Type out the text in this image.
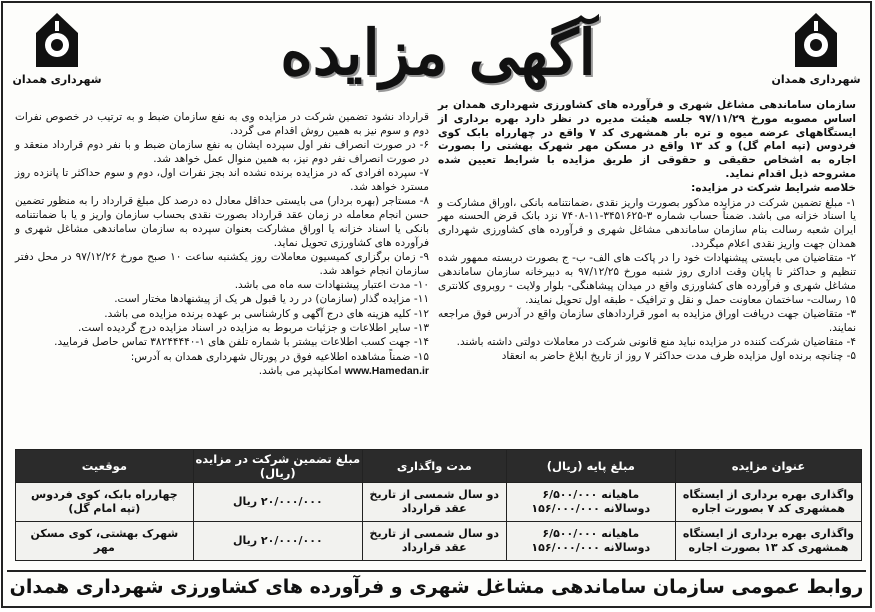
شهرداری همدان
شهرداری همدان	آگهی مزایده

سازمان ساماندهی مشاغل شهری و فرآورده های کشاورزی شهرداری همدان بر اساس مصوبه مورخ ۹۷/۱۱/۲۹ جلسه هیئت مدیره در نظر دارد بهره برداری از ایستگاههای عرضه میوه و تره بار همشهری کد ۷ واقع در چهارراه بابک کوی فردوس (تپه امام گل) و کد ۱۳ واقع در مسکن مهر شهرک بهشتی را بصورت اجاره به اشخاص حقیقی و حقوقی از طریق مزایده با شرایط تعیین شده مشروحه ذیل اقدام نماید.

خلاصه شرایط شرکت در مزایده:

۱- مبلغ تضمین شرکت در مزایده مذکور بصورت واریز نقدی ،ضمانتنامه بانکی ،اوراق مشارکت و یا اسناد خزانه می باشد. ضمناً حساب شماره ۳-۳۴۵۱۶۲۵-۱۱-۷۴۰۸ نزد بانک قرض الحسنه مهر ایران شعبه رسالت بنام سازمان ساماندهی مشاغل شهری و فرآورده های کشاورزی شهرداری همدان جهت واریز نقدی اعلام میگردد.

۲- متقاضیان می بایستی پیشنهادات خود را در پاکت های الف- ب- ج بصورت دربسته ممهور شده تنظیم و حداکثر تا پایان وقت اداری روز شنبه مورخ ۹۷/۱۲/۲۵ به دبیرخانه سازمان ساماندهی مشاغل شهری و فرآورده های کشاورزی واقع در میدان پیشاهنگی- بلوار ولایت - روبروی کلانتری ۱۵ رسالت- ساختمان معاونت حمل و نقل و ترافیک - طبقه اول تحویل نمایند.

۳- متقاضیان جهت دریافت اوراق مزایده به امور قراردادهای سازمان واقع در آدرس فوق مراجعه نمایند.

۴- متقاضیان شرکت کننده در مزایده نباید منع قانونی شرکت در معاملات دولتی داشته باشند.

۵- چنانچه برنده اول مزایده ظرف مدت حداکثر ۷ روز از تاریخ ابلاغ حاضر به انعقاد

قرارداد نشود تضمین شرکت در مزایده وی به نفع سازمان ضبط و به ترتیب در خصوص نفرات دوم و سوم نیز به همین روش اقدام می گردد.

۶- در صورت انصراف نفر اول سپرده ایشان به نفع سازمان ضبط و با نفر دوم قرارداد منعقد و در صورت انصراف نفر دوم نیز، به همین منوال عمل خواهد شد.

۷- سپرده افرادی که در مزایده برنده نشده اند بجز نفرات اول، دوم و سوم حداکثر تا پانزده روز مسترد خواهد شد.

۸- مستاجر (بهره بردار) می بایستی حداقل معادل ده درصد کل مبلغ قرارداد را به منظور تضمین حسن انجام معامله در زمان عقد قرارداد بصورت نقدی بحساب سازمان واریز و یا با ضمانتنامه بانکی یا اسناد خزانه یا اوراق مشارکت بعنوان سپرده به سازمان ساماندهی مشاغل شهری و فرآورده های کشاورزی تحویل نماید.

۹- زمان برگزاری کمیسیون معاملات روز یکشنبه ساعت ۱۰ صبح مورخ ۹۷/۱۲/۲۶ در محل دفتر سازمان انجام خواهد شد.

۱۰- مدت اعتبار پیشنهادات سه ماه می باشد.

۱۱- مزایده گذار (سازمان) در رد یا قبول هر یک از پیشنهادها مختار است.

۱۲- کلیه هزینه های درج آگهی و کارشناسی بر عهده برنده مزایده می باشد.

۱۳- سایر اطلاعات و جزئیات مربوط به مزایده در اسناد مزایده درج گردیده است.

۱۴- جهت کسب اطلاعات بیشتر با شماره تلفن های ۱-۳۸۲۴۴۴۴۰ تماس حاصل فرمایید.

۱۵- ضمناً مشاهده اطلاعیه فوق در پورتال شهرداری همدان به آدرس:

www.Hamedan.ir امکانپذیر می باشد.

عنوان مزایده	مبلغ پایه (ریال)	مدت واگذاری	مبلغ تضمین شرکت در مزایده (ریال)	موقعیت
واگذاری بهره برداری از ایستگاه همشهری کد ۷ بصورت اجاره	ماهیانه ۶/۵۰۰/۰۰۰
دوسالانه ۱۵۶/۰۰۰/۰۰۰	دو سال شمسی از تاریخ عقد قرارداد	۲۰/۰۰۰/۰۰۰ ریال	چهارراه بابک، کوی فردوس (تپه امام گل)
واگذاری بهره برداری از ایستگاه همشهری کد ۱۳ بصورت اجاره	ماهیانه ۶/۵۰۰/۰۰۰
دوسالانه ۱۵۶/۰۰۰/۰۰۰	دو سال شمسی از تاریخ عقد قرارداد	۲۰/۰۰۰/۰۰۰ ریال	شهرک بهشتی، کوی مسکن مهر
روابط عمومی سازمان ساماندهی مشاغل شهری و فرآورده های کشاورزی شهرداری همدان
